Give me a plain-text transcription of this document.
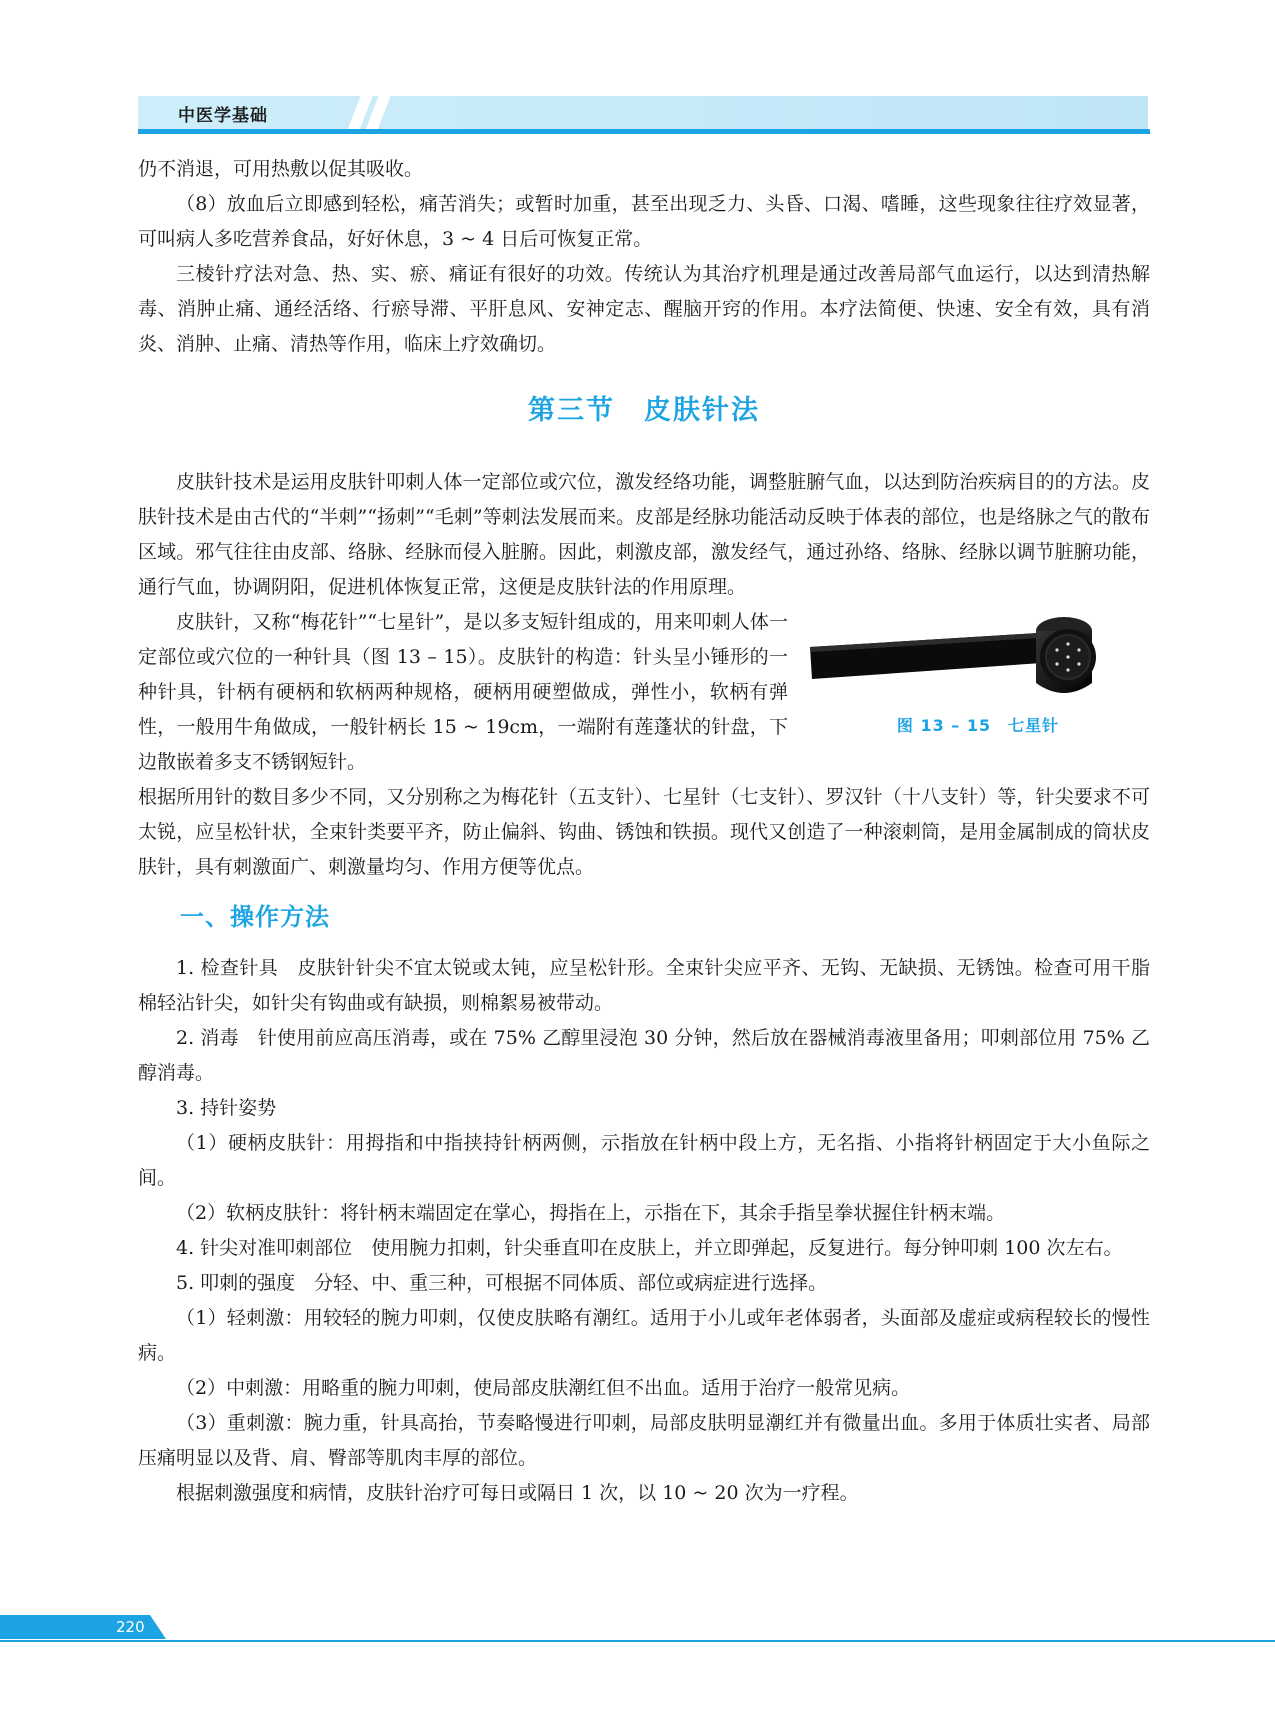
中医学基础

仍不消退，可用热敷以促其吸收。

（8）放血后立即感到轻松，痛苦消失；或暂时加重，甚至出现乏力、头昏、口渴、嗜睡，这些现象往往疗效显著，可叫病人多吃营养食品，好好休息，3 ~ 4 日后可恢复正常。

三棱针疗法对急、热、实、瘀、痛证有很好的功效。传统认为其治疗机理是通过改善局部气血运行，以达到清热解毒、消肿止痛、通经活络、行瘀导滞、平肝息风、安神定志、醒脑开窍的作用。本疗法简便、快速、安全有效，具有消炎、消肿、止痛、清热等作用，临床上疗效确切。

第三节　皮肤针法

皮肤针技术是运用皮肤针叩刺人体一定部位或穴位，激发经络功能，调整脏腑气血，以达到防治疾病目的的方法。皮肤针技术是由古代的“半刺”“扬刺”“毛刺”等刺法发展而来。皮部是经脉功能活动反映于体表的部位，也是络脉之气的散布区域。邪气往往由皮部、络脉、经脉而侵入脏腑。因此，刺激皮部，激发经气，通过孙络、络脉、经脉以调节脏腑功能，通行气血，协调阴阳，促进机体恢复正常，这便是皮肤针法的作用原理。

皮肤针，又称“梅花针”“七星针”，是以多支短针组成的，用来叩刺人体一定部位或穴位的一种针具（图 13 – 15）。皮肤针的构造：针头呈小锤形的一种针具，针柄有硬柄和软柄两种规格，硬柄用硬塑做成，弹性小，软柄有弹性，一般用牛角做成，一般针柄长 15 ~ 19cm，一端附有莲蓬状的针盘，下边散嵌着多支不锈钢短针。

图 13 – 15　七星针

根据所用针的数目多少不同，又分别称之为梅花针（五支针）、七星针（七支针）、罗汉针（十八支针）等，针尖要求不可太锐，应呈松针状，全束针类要平齐，防止偏斜、钩曲、锈蚀和铁损。现代又创造了一种滚刺筒，是用金属制成的筒状皮肤针，具有刺激面广、刺激量均匀、作用方便等优点。

一、操作方法

1. 检查针具　皮肤针针尖不宜太锐或太钝，应呈松针形。全束针尖应平齐、无钩、无缺损、无锈蚀。检查可用干脂棉轻沾针尖，如针尖有钩曲或有缺损，则棉絮易被带动。

2. 消毒　针使用前应高压消毒，或在 75% 乙醇里浸泡 30 分钟，然后放在器械消毒液里备用；叩刺部位用 75% 乙醇消毒。

3. 持针姿势

（1）硬柄皮肤针：用拇指和中指挟持针柄两侧，示指放在针柄中段上方，无名指、小指将针柄固定于大小鱼际之间。

（2）软柄皮肤针：将针柄末端固定在掌心，拇指在上，示指在下，其余手指呈拳状握住针柄末端。

4. 针尖对准叩刺部位　使用腕力扣刺，针尖垂直叩在皮肤上，并立即弹起，反复进行。每分钟叩刺 100 次左右。

5. 叩刺的强度　分轻、中、重三种，可根据不同体质、部位或病症进行选择。

（1）轻刺激：用较轻的腕力叩刺，仅使皮肤略有潮红。适用于小儿或年老体弱者，头面部及虚症或病程较长的慢性病。

（2）中刺激：用略重的腕力叩刺，使局部皮肤潮红但不出血。适用于治疗一般常见病。

（3）重刺激：腕力重，针具高抬，节奏略慢进行叩刺，局部皮肤明显潮红并有微量出血。多用于体质壮实者、局部压痛明显以及背、肩、臀部等肌肉丰厚的部位。

根据刺激强度和病情，皮肤针治疗可每日或隔日 1 次，以 10 ~ 20 次为一疗程。

220
